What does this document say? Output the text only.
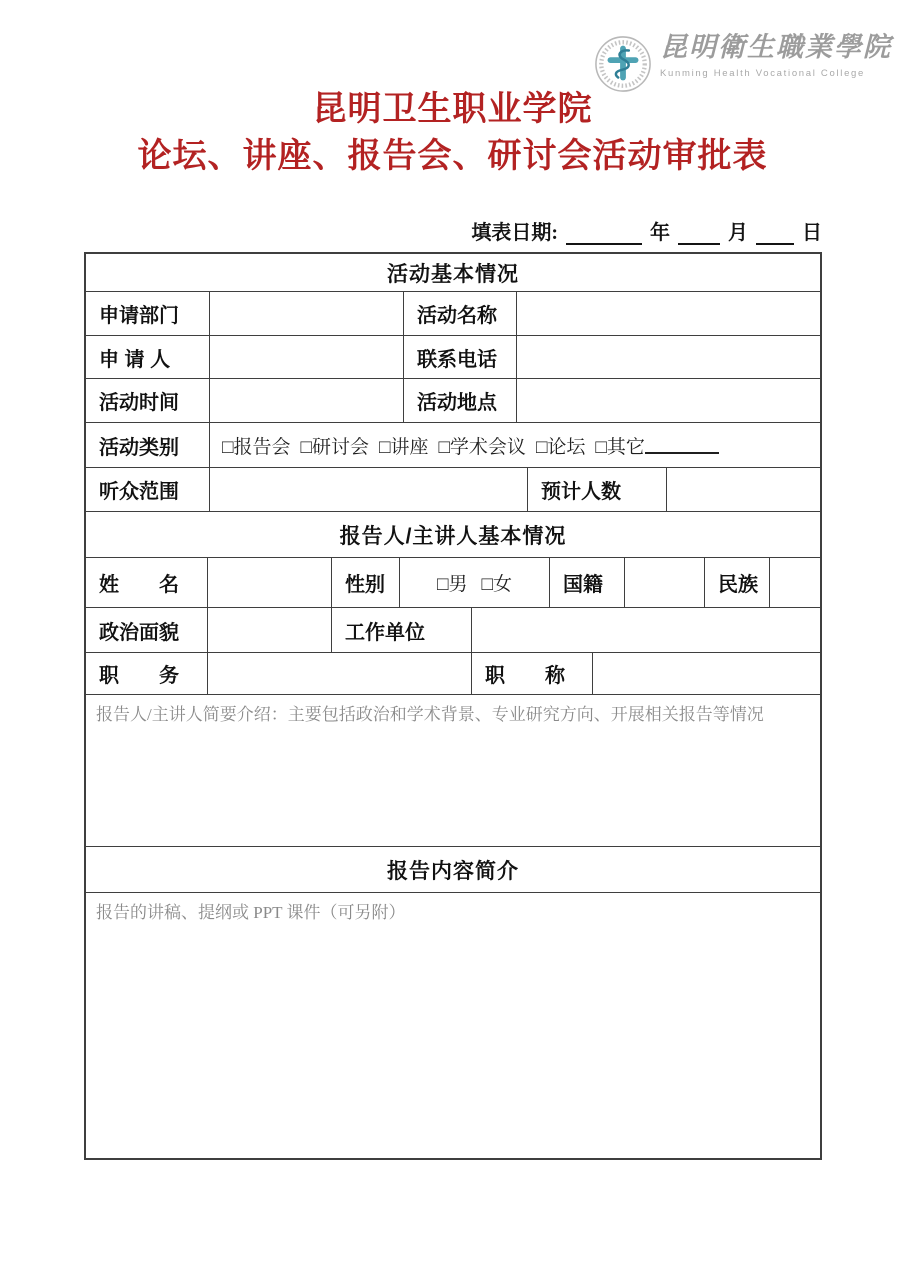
昆明衛生職業學院
Kunming Health Vocational College
昆明卫生职业学院
论坛、讲座、报告会、研讨会活动审批表
填表日期:	年	月	日
活动基本情况
申请部门	活动名称
申 请 人	联系电话
活动时间	活动地点
活动类别 □报告会 □研讨会 □讲座 □学术会议 □论坛 □其它
听众范围	预计人数
报告人/主讲人基本情况
姓　　名	性别	□男 □女	国籍	民族
政治面貌	工作单位
职　　务	职　　称
报告人/主讲人简要介绍：主要包括政治和学术背景、专业研究方向、开展相关报告等情况
报告内容简介
报告的讲稿、提纲或 PPT 课件（可另附）
